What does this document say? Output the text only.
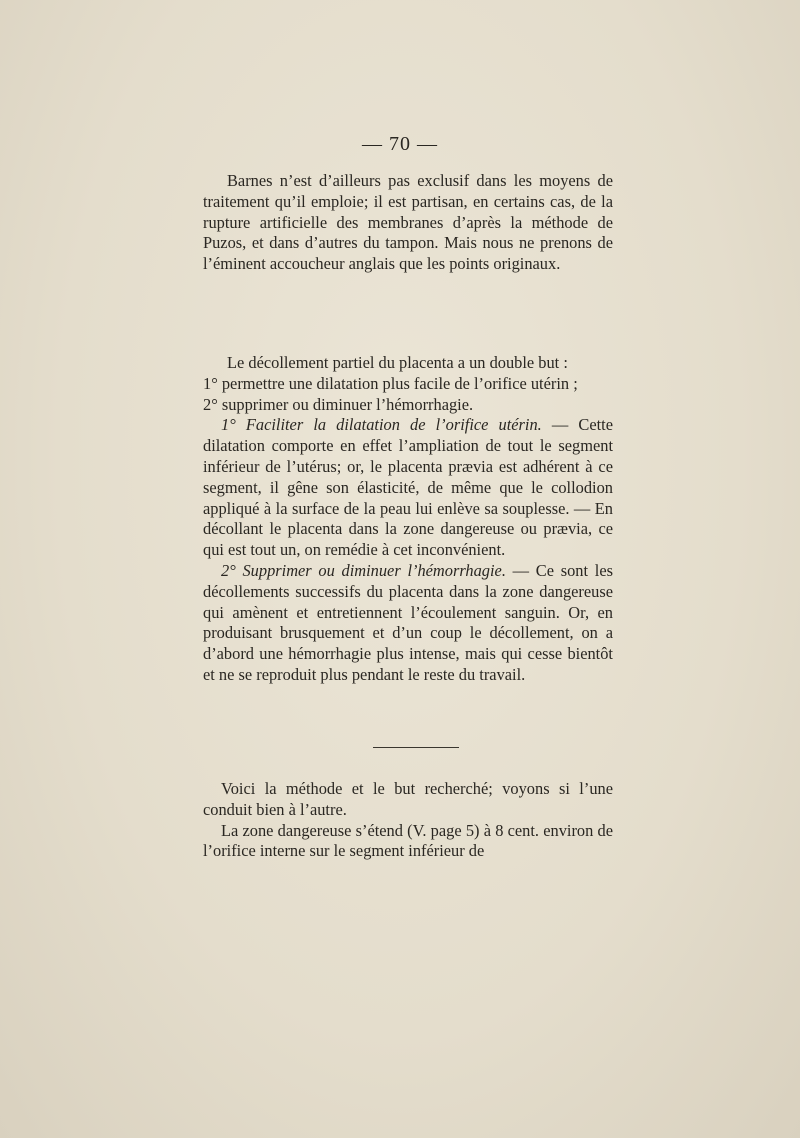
— 70 —

Barnes n’est d’ailleurs pas exclusif dans les moyens de traitement qu’il emploie; il est partisan, en certains cas, de la rupture artificielle des membranes d’après la méthode de Puzos, et dans d’autres du tampon. Mais nous ne prenons de l’éminent accoucheur anglais que les points originaux.

Le décollement partiel du placenta a un double but :

1° permettre une dilatation plus facile de l’orifice utérin ;

2° supprimer ou diminuer l’hémorrhagie.

1° Faciliter la dilatation de l’orifice utérin. — Cette dilatation comporte en effet l’ampliation de tout le segment inférieur de l’utérus; or, le placenta prævia est adhérent à ce segment, il gêne son élasticité, de même que le collodion appliqué à la surface de la peau lui enlève sa souplesse. — En décollant le placenta dans la zone dangereuse ou prævia, ce qui est tout un, on remédie à cet inconvénient.

2° Supprimer ou diminuer l’hémorrhagie. — Ce sont les décollements successifs du placenta dans la zone dangereuse qui amènent et entretiennent l’écoulement sanguin. Or, en produisant brusquement et d’un coup le décollement, on a d’abord une hémorrhagie plus intense, mais qui cesse bientôt et ne se reproduit plus pendant le reste du travail.

Voici la méthode et le but recherché; voyons si l’une conduit bien à l’autre.

La zone dangereuse s’étend (V. page 5) à 8 cent. environ de l’orifice interne sur le segment inférieur de
